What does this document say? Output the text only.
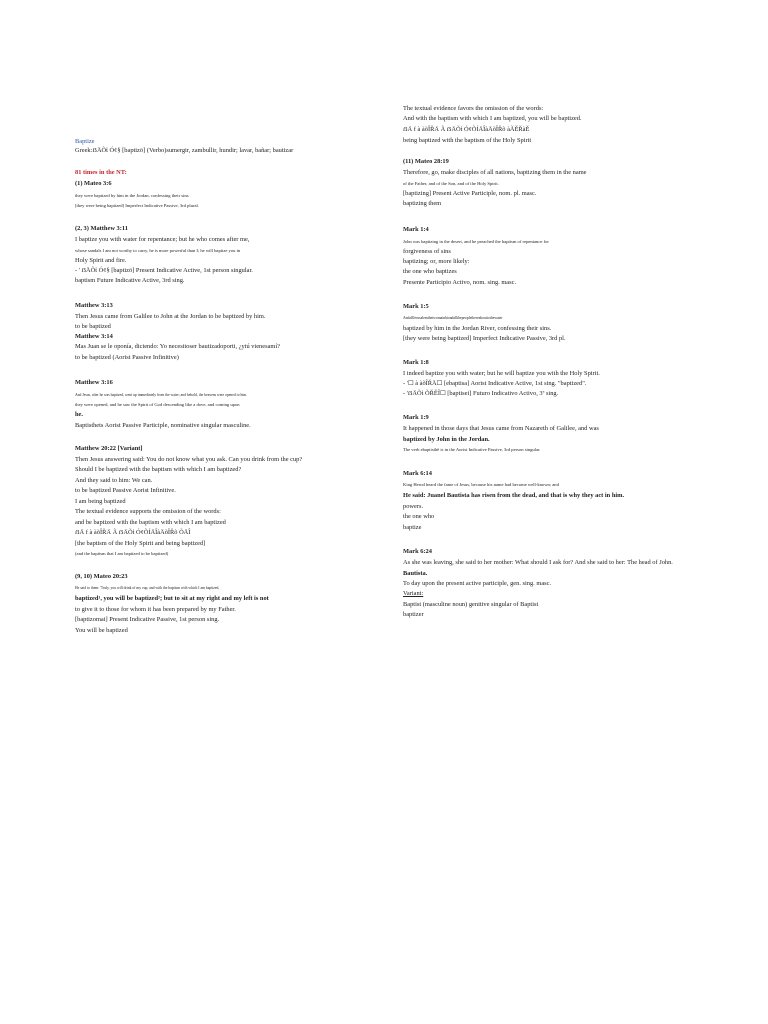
Baptize
Greek:ẞÄÕṫ Ó¢§ [baptizō] (Verbo)sumergir, zambullir, hundir; lavar, bañar; bautizar
81 times in the NT:
(1) Mateo 3:6
they were baptized by him in the Jordan, confessing their sins.
[they were being baptized] Imperfect Indicative Passive, 3rd plural.
(2, 3) Matthew 3:11
I baptize you with water for repentance; but he who comes after me,
whose sandals I am not worthy to carry, he is more powerful than I; he will baptize you in
Holy Spirit and fire.
- ' ẞÄÕṫ Ó¢§ [baptizō] Present Indicative Active, 1st person singular.
baptism Future Indicative Active, 3rd sing.
Matthew 3:13
Then Jesus came from Galilee to John at the Jordan to be baptized by him.
to be baptized
Matthew 3:14
Mas Juan se le oponía, diciendo: Yo necesitoser bautizadoporti, ¿ytú vienesamí?
to be baptized (Aorist Passive Infinitive)
Matthew 3:16
And Jesus, after he was baptized, went up immediately from the water; and behold, the heavens were opened to him.
they were opened, and he saw the Spirit of God descending like a dove, and coming upon
he.
Baptisthets Aorist Passive Participle, nominative singular masculine.
Matthew 20:22 [Variant]
Then Jesus answering said: You do not know what you ask. Can you drink from the cup?
Should I be baptized with the baptism with which I am baptized?
And they said to him: We can.
to be baptized Passive Aorist Infinitive.
I am being baptized
The textual evidence supports the omission of the words:
and be baptized with the baptism with which I am baptized
ẞÄ f à àõÎŘÄ Ã ẞÄÕṫ Ó¢ÕÍÄÎàÄõÎŘõ ÕÄÎ
[the baptism of the Holy Spirit and being baptized]
(and the baptism that I am baptized to be baptized)
(9, 10) Mateo 20:23
He said to them: 'Truly, you will drink of my cup, and with the baptism with which I am baptized,
baptized¹, you will be baptized²; but to sit at my right and my left is not
to give it to those for whom it has been prepared by my Father.
[baptizomai] Present Indicative Passive, 1st person sing.
You will be baptized
The textual evidence favors the omission of the words:
And with the baptism with which I am baptized, you will be baptized.
ẞÄ f à àõÎŘÄ Ã ẞÄÕṫ Ó¢ÕÍÄÎàÄõÎŘõ àÃĚŘàĚ
being baptized with the baptism of the Holy Spirit
(11) Mateo 28:19
Therefore, go, make disciples of all nations, baptizing them in the name
of the Father, and of the Son, and of the Holy Spirit.
[baptizing] Present Active Participle, nom. pl. masc.
baptizing them
Mark 1:4
John was baptizing in the desert, and he preached the baptism of repentance for
forgiveness of sins
baptizing; or, more likely:
the one who baptizes
Presente Participio Activo, nom. sing. masc.
Mark 1:5
AndallJerusalemthetwomainbiandallthepeoplethereabouttothewater
baptized by him in the Jordan River, confessing their sins.
[they were being baptized] Imperfect Indicative Passive, 3rd pl.
Mark 1:8
I indeed baptize you with water; but he will baptize you with the Holy Spirit.
- '☐ à àõÎŘÄ☐ [ebaptisa] Aorist Indicative Active, 1st sing. "baptized".
- 'ẞÄÕṫ ÕŘĚÎ☐ [baptisei] Futuro Indicativo Activo, 3ª sing.
Mark 1:9
It happened in those days that Jesus came from Nazareth of Galilee, and was
baptized by John in the Jordan.
The verb ebaptisthē is in the Aorist Indicative Passive, 3rd person singular.
Mark 6:14
King Herod heard the fame of Jesus, because his name had become well-known; and
He said: Juanel Bautista has risen from the dead, and that is why they act in him.
powers.
the one who
baptize
Mark 6:24
As she was leaving, she said to her mother: What should I ask for? And she said to her: The head of John.
Bautista.
To day upon the present active participle, gen. sing. masc.
Variant:
Baptist (masculine noun) genitive singular of Baptist
baptizer
